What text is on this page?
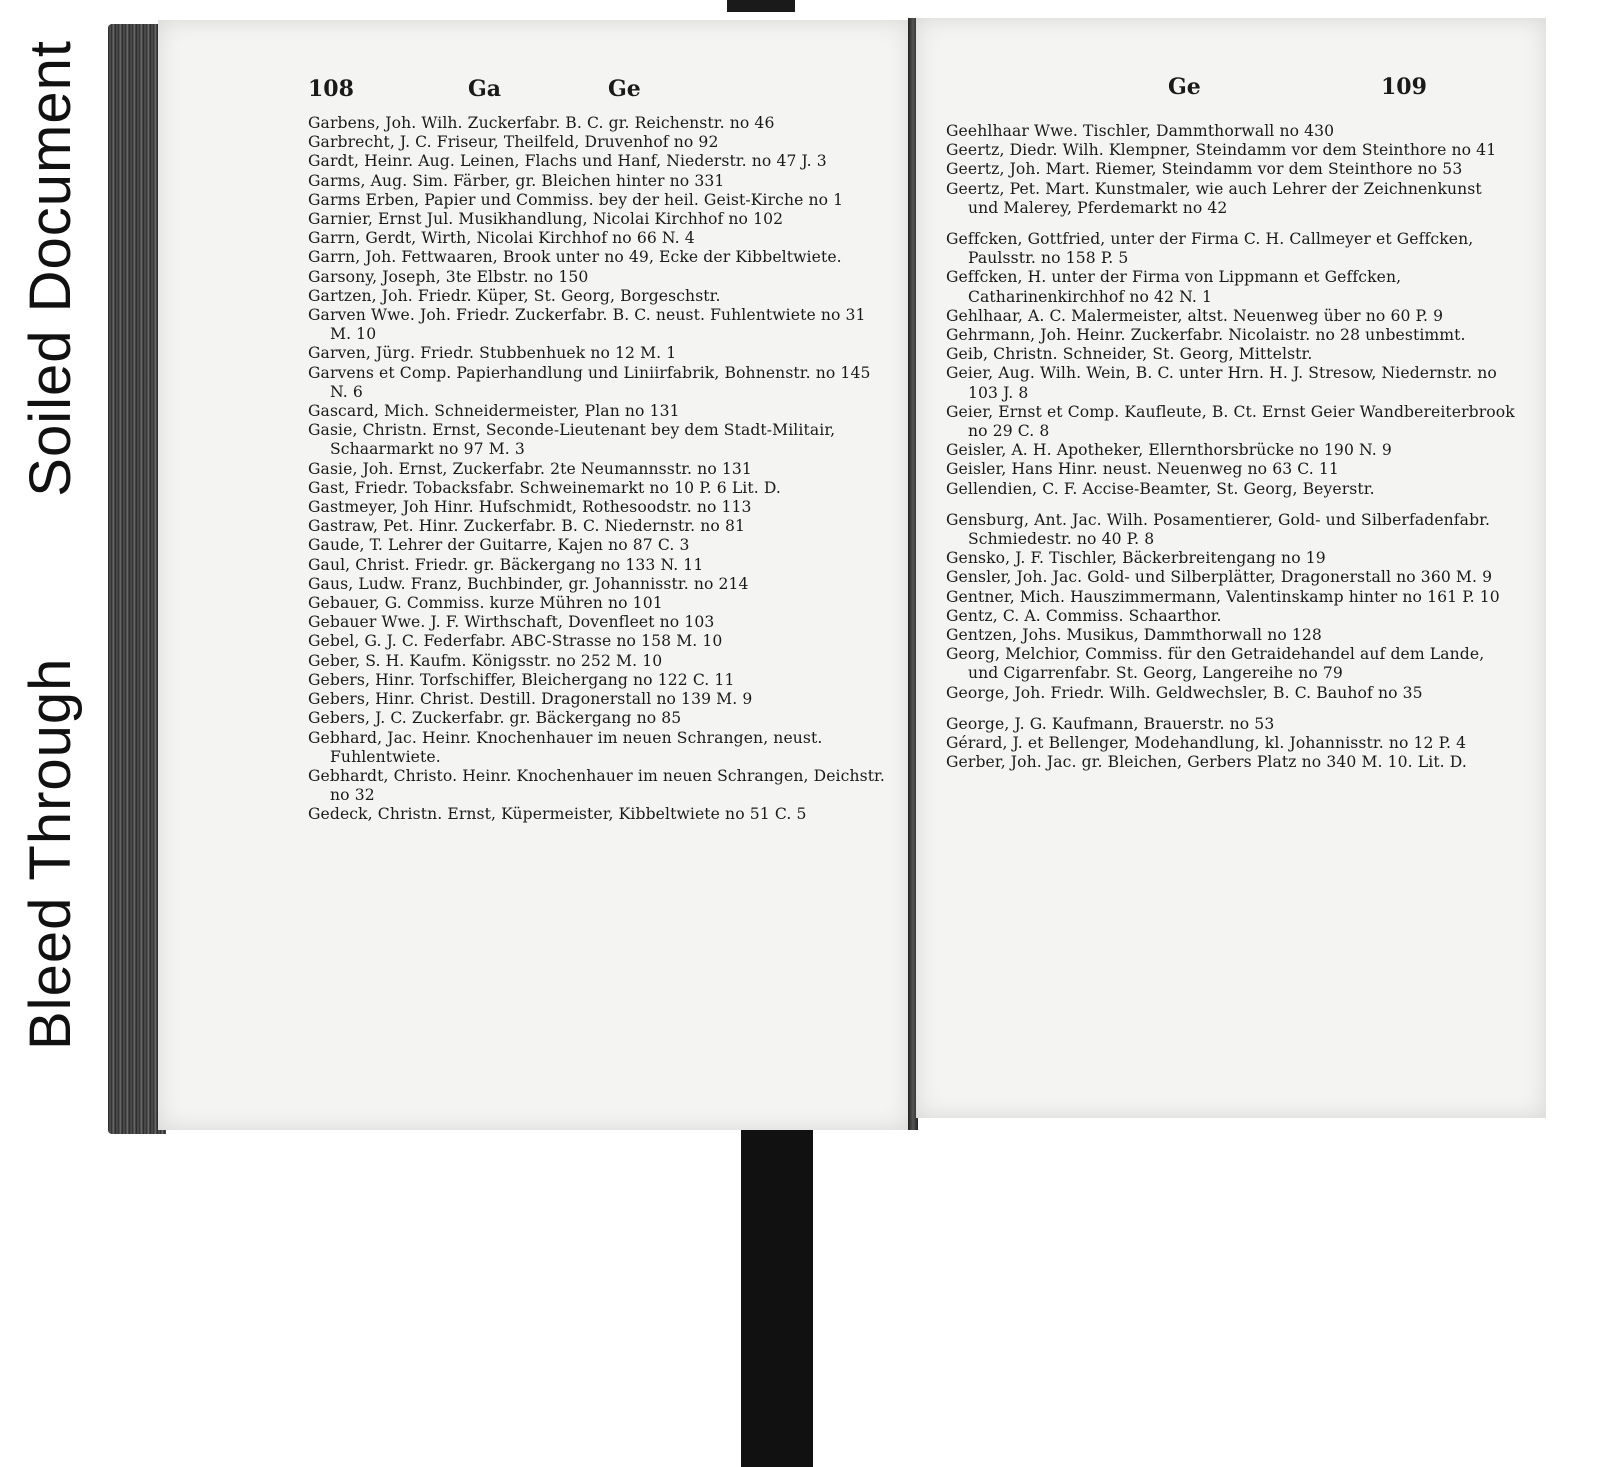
Bleed Through
Soiled Document	108	Ga	Ge

Garbens, Joh. Wilh. Zuckerfabr. B. C. gr. Reichenstr. no 46

Garbrecht, J. C. Friseur, Theilfeld, Druvenhof no 92

Gardt, Heinr. Aug. Leinen, Flachs und Hanf, Niederstr. no 47 J. 3

Garms, Aug. Sim. Färber, gr. Bleichen hinter no 331

Garms Erben, Papier und Commiss. bey der heil. Geist-Kirche no 1

Garnier, Ernst Jul. Musikhandlung, Nicolai Kirchhof no 102

Garrn, Gerdt, Wirth, Nicolai Kirchhof no 66 N. 4

Garrn, Joh. Fettwaaren, Brook unter no 49, Ecke der Kibbeltwiete.

Garsony, Joseph, 3te Elbstr. no 150

Gartzen, Joh. Friedr. Küper, St. Georg, Borgeschstr.

Garven Wwe. Joh. Friedr. Zuckerfabr. B. C. neust. Fuhlentwiete no 31 M. 10

Garven, Jürg. Friedr. Stubbenhuek no 12 M. 1

Garvens et Comp. Papierhandlung und Liniirfabrik, Bohnenstr. no 145 N. 6

Gascard, Mich. Schneidermeister, Plan no 131

Gasie, Christn. Ernst, Seconde-Lieutenant bey dem Stadt-Militair, Schaarmarkt no 97 M. 3

Gasie, Joh. Ernst, Zuckerfabr. 2te Neumannsstr. no 131

Gast, Friedr. Tobacksfabr. Schweinemarkt no 10 P. 6 Lit. D.

Gastmeyer, Joh Hinr. Hufschmidt, Rothesoodstr. no 113

Gastraw, Pet. Hinr. Zuckerfabr. B. C. Niedernstr. no 81

Gaude, T. Lehrer der Guitarre, Kajen no 87 C. 3

Gaul, Christ. Friedr. gr. Bäckergang no 133 N. 11

Gaus, Ludw. Franz, Buchbinder, gr. Johannisstr. no 214

Gebauer, G. Commiss. kurze Mühren no 101

Gebauer Wwe. J. F. Wirthschaft, Dovenfleet no 103

Gebel, G. J. C. Federfabr. ABC-Strasse no 158 M. 10

Geber, S. H. Kaufm. Königsstr. no 252 M. 10

Gebers, Hinr. Torfschiffer, Bleichergang no 122 C. 11

Gebers, Hinr. Christ. Destill. Dragonerstall no 139 M. 9

Gebers, J. C. Zuckerfabr. gr. Bäckergang no 85

Gebhard, Jac. Heinr. Knochenhauer im neuen Schrangen, neust. Fuhlentwiete.

Gebhardt, Christo. Heinr. Knochenhauer im neuen Schrangen, Deichstr. no 32

Gedeck, Christn. Ernst, Küpermeister, Kibbeltwiete no 51 C. 5

Ge	109

Geehlhaar Wwe. Tischler, Dammthorwall no 430

Geertz, Diedr. Wilh. Klempner, Steindamm vor dem Steinthore no 41

Geertz, Joh. Mart. Riemer, Steindamm vor dem Steinthore no 53

Geertz, Pet. Mart. Kunstmaler, wie auch Lehrer der Zeichnenkunst und Malerey, Pferdemarkt no 42

Geffcken, Gottfried, unter der Firma C. H. Callmeyer et Geffcken, Paulsstr. no 158 P. 5

Geffcken, H. unter der Firma von Lippmann et Geffcken, Catharinenkirchhof no 42 N. 1

Gehlhaar, A. C. Malermeister, altst. Neuenweg über no 60 P. 9

Gehrmann, Joh. Heinr. Zuckerfabr. Nicolaistr. no 28 unbestimmt.

Geib, Christn. Schneider, St. Georg, Mittelstr.

Geier, Aug. Wilh. Wein, B. C. unter Hrn. H. J. Stresow, Niedernstr. no 103 J. 8

Geier, Ernst et Comp. Kaufleute, B. Ct. Ernst Geier Wandbereiterbrook no 29 C. 8

Geisler, A. H. Apotheker, Ellernthorsbrücke no 190 N. 9

Geisler, Hans Hinr. neust. Neuenweg no 63 C. 11

Gellendien, C. F. Accise-Beamter, St. Georg, Beyerstr.

Gensburg, Ant. Jac. Wilh. Posamentierer, Gold- und Silberfadenfabr. Schmiedestr. no 40 P. 8

Gensko, J. F. Tischler, Bäckerbreitengang no 19

Gensler, Joh. Jac. Gold- und Silberplätter, Dragonerstall no 360 M. 9

Gentner, Mich. Hauszimmermann, Valentinskamp hinter no 161 P. 10

Gentz, C. A. Commiss. Schaarthor.

Gentzen, Johs. Musikus, Dammthorwall no 128

Georg, Melchior, Commiss. für den Getraidehandel auf dem Lande, und Cigarrenfabr. St. Georg, Langereihe no 79

George, Joh. Friedr. Wilh. Geldwechsler, B. C. Bauhof no 35

George, J. G. Kaufmann, Brauerstr. no 53

Gérard, J. et Bellenger, Modehandlung, kl. Johannisstr. no 12 P. 4

Gerber, Joh. Jac. gr. Bleichen, Gerbers Platz no 340 M. 10. Lit. D.
